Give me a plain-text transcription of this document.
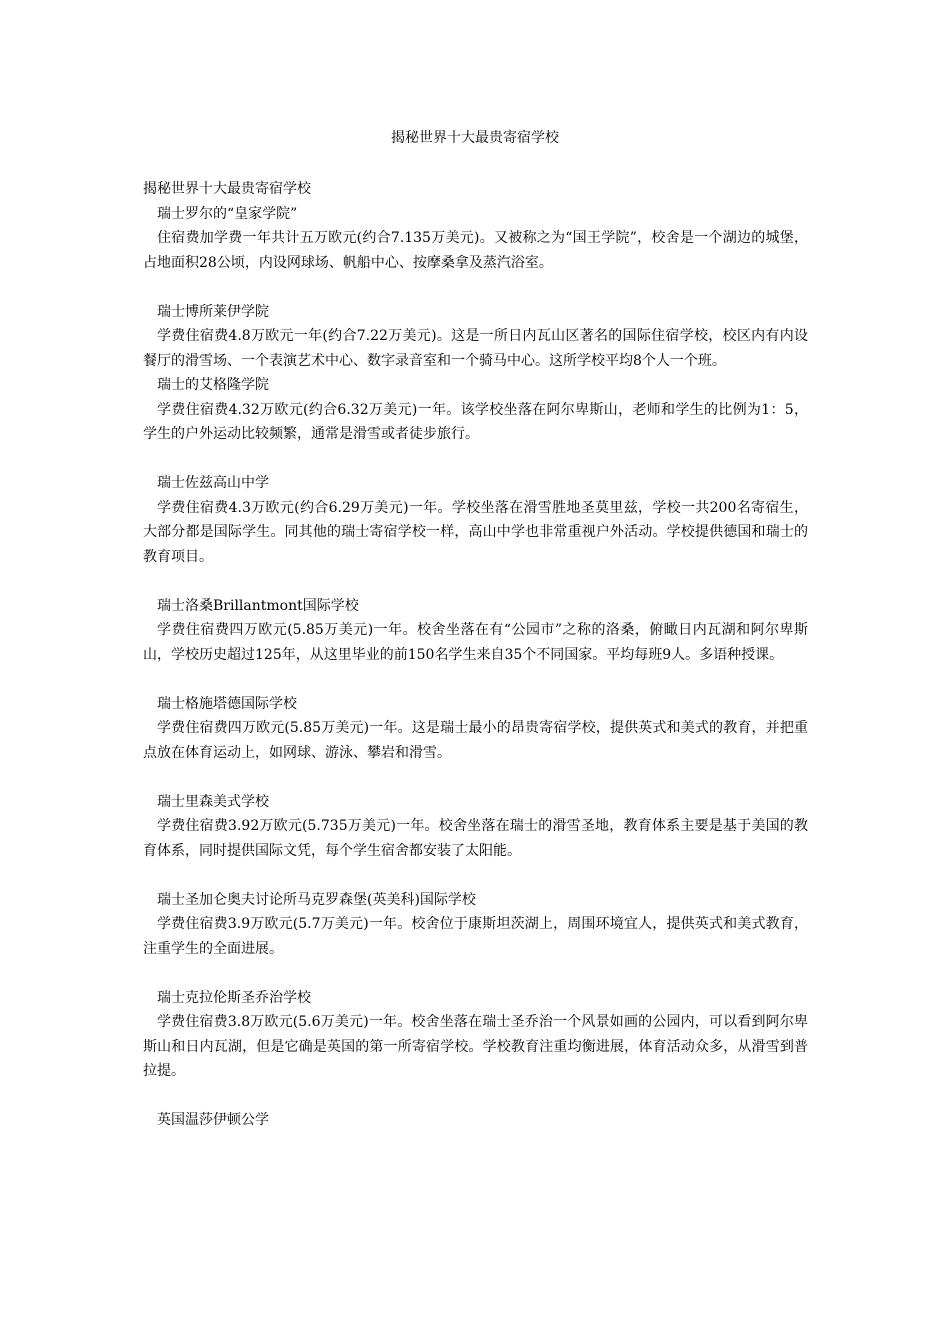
揭秘世界十大最贵寄宿学校

揭秘世界十大最贵寄宿学校

瑞士罗尔的“皇家学院”

住宿费加学费一年共计五万欧元(约合7.135万美元)。又被称之为“国王学院”，校舍是一个湖边的城堡，占地面积28公顷，内设网球场、帆船中心、按摩桑拿及蒸汽浴室。

瑞士博所莱伊学院

学费住宿费4.8万欧元一年(约合7.22万美元)。这是一所日内瓦山区著名的国际住宿学校，校区内有内设餐厅的滑雪场、一个表演艺术中心、数字录音室和一个骑马中心。这所学校平均8个人一个班。

瑞士的艾格隆学院

学费住宿费4.32万欧元(约合6.32万美元)一年。该学校坐落在阿尔卑斯山，老师和学生的比例为1：5，学生的户外运动比较频繁，通常是滑雪或者徒步旅行。

瑞士佐兹高山中学

学费住宿费4.3万欧元(约合6.29万美元)一年。学校坐落在滑雪胜地圣莫里兹，学校一共200名寄宿生，大部分都是国际学生。同其他的瑞士寄宿学校一样，高山中学也非常重视户外活动。学校提供德国和瑞士的教育项目。

瑞士洛桑Brillantmont国际学校

学费住宿费四万欧元(5.85万美元)一年。校舍坐落在有“公园市”之称的洛桑，俯瞰日内瓦湖和阿尔卑斯山，学校历史超过125年，从这里毕业的前150名学生来自35个不同国家。平均每班9人。多语种授课。

瑞士格施塔德国际学校

学费住宿费四万欧元(5.85万美元)一年。这是瑞士最小的昂贵寄宿学校，提供英式和美式的教育，并把重点放在体育运动上，如网球、游泳、攀岩和滑雪。

瑞士里森美式学校

学费住宿费3.92万欧元(5.735万美元)一年。校舍坐落在瑞士的滑雪圣地，教育体系主要是基于美国的教育体系，同时提供国际文凭，每个学生宿舍都安装了太阳能。

瑞士圣加仑奥夫讨论所马克罗森堡(英美科)国际学校

学费住宿费3.9万欧元(5.7万美元)一年。校舍位于康斯坦茨湖上，周围环境宜人，提供英式和美式教育，注重学生的全面进展。

瑞士克拉伦斯圣乔治学校

学费住宿费3.8万欧元(5.6万美元)一年。校舍坐落在瑞士圣乔治一个风景如画的公园内，可以看到阿尔卑斯山和日内瓦湖，但是它确是英国的第一所寄宿学校。学校教育注重均衡进展，体育活动众多，从滑雪到普拉提。

英国温莎伊顿公学
